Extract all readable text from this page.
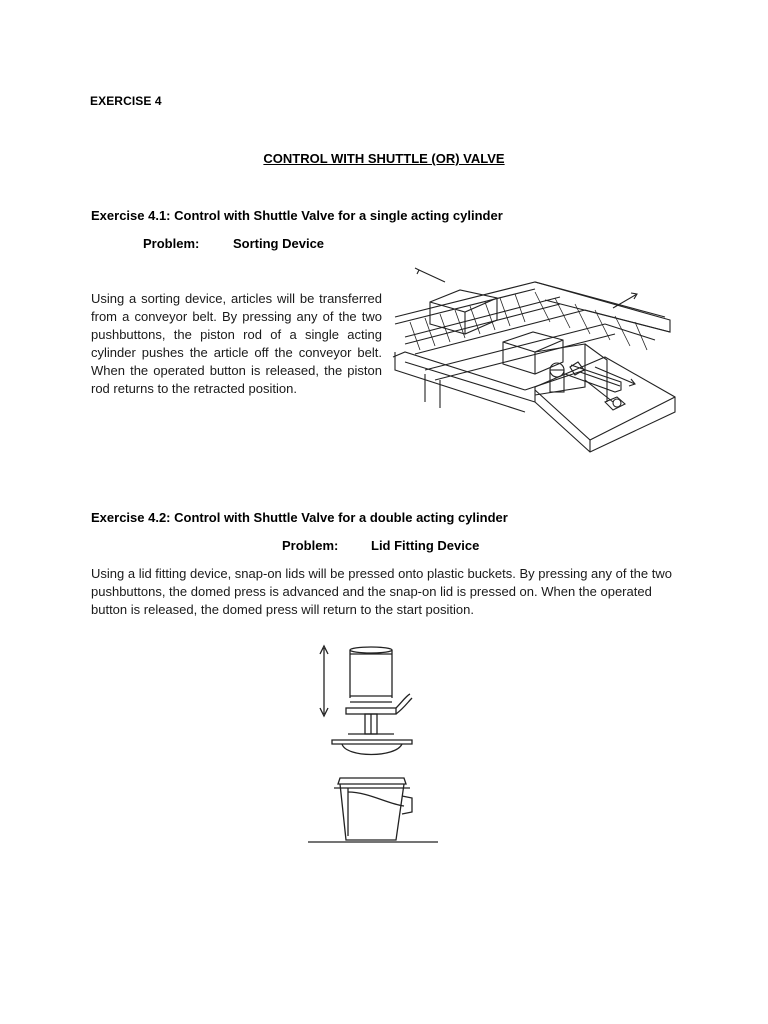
EXERCISE 4
CONTROL WITH SHUTTLE (OR) VALVE
Exercise 4.1: Control with Shuttle Valve for a single acting cylinder
Problem:	Sorting Device
Using a sorting device, articles will be transferred from a conveyor belt. By pressing any of the two pushbuttons, the piston rod of a single acting cylinder pushes the article off the conveyor belt. When the operated button is released, the piston rod returns to the retracted position.
Exercise 4.2: Control with Shuttle Valve for a double acting cylinder
Problem:	Lid Fitting Device
Using a lid fitting device, snap-on lids will be pressed onto plastic buckets. By pressing any of the two pushbuttons, the domed press is advanced and the snap-on lid is pressed on. When the operated button is released, the domed press will return to the start position.
